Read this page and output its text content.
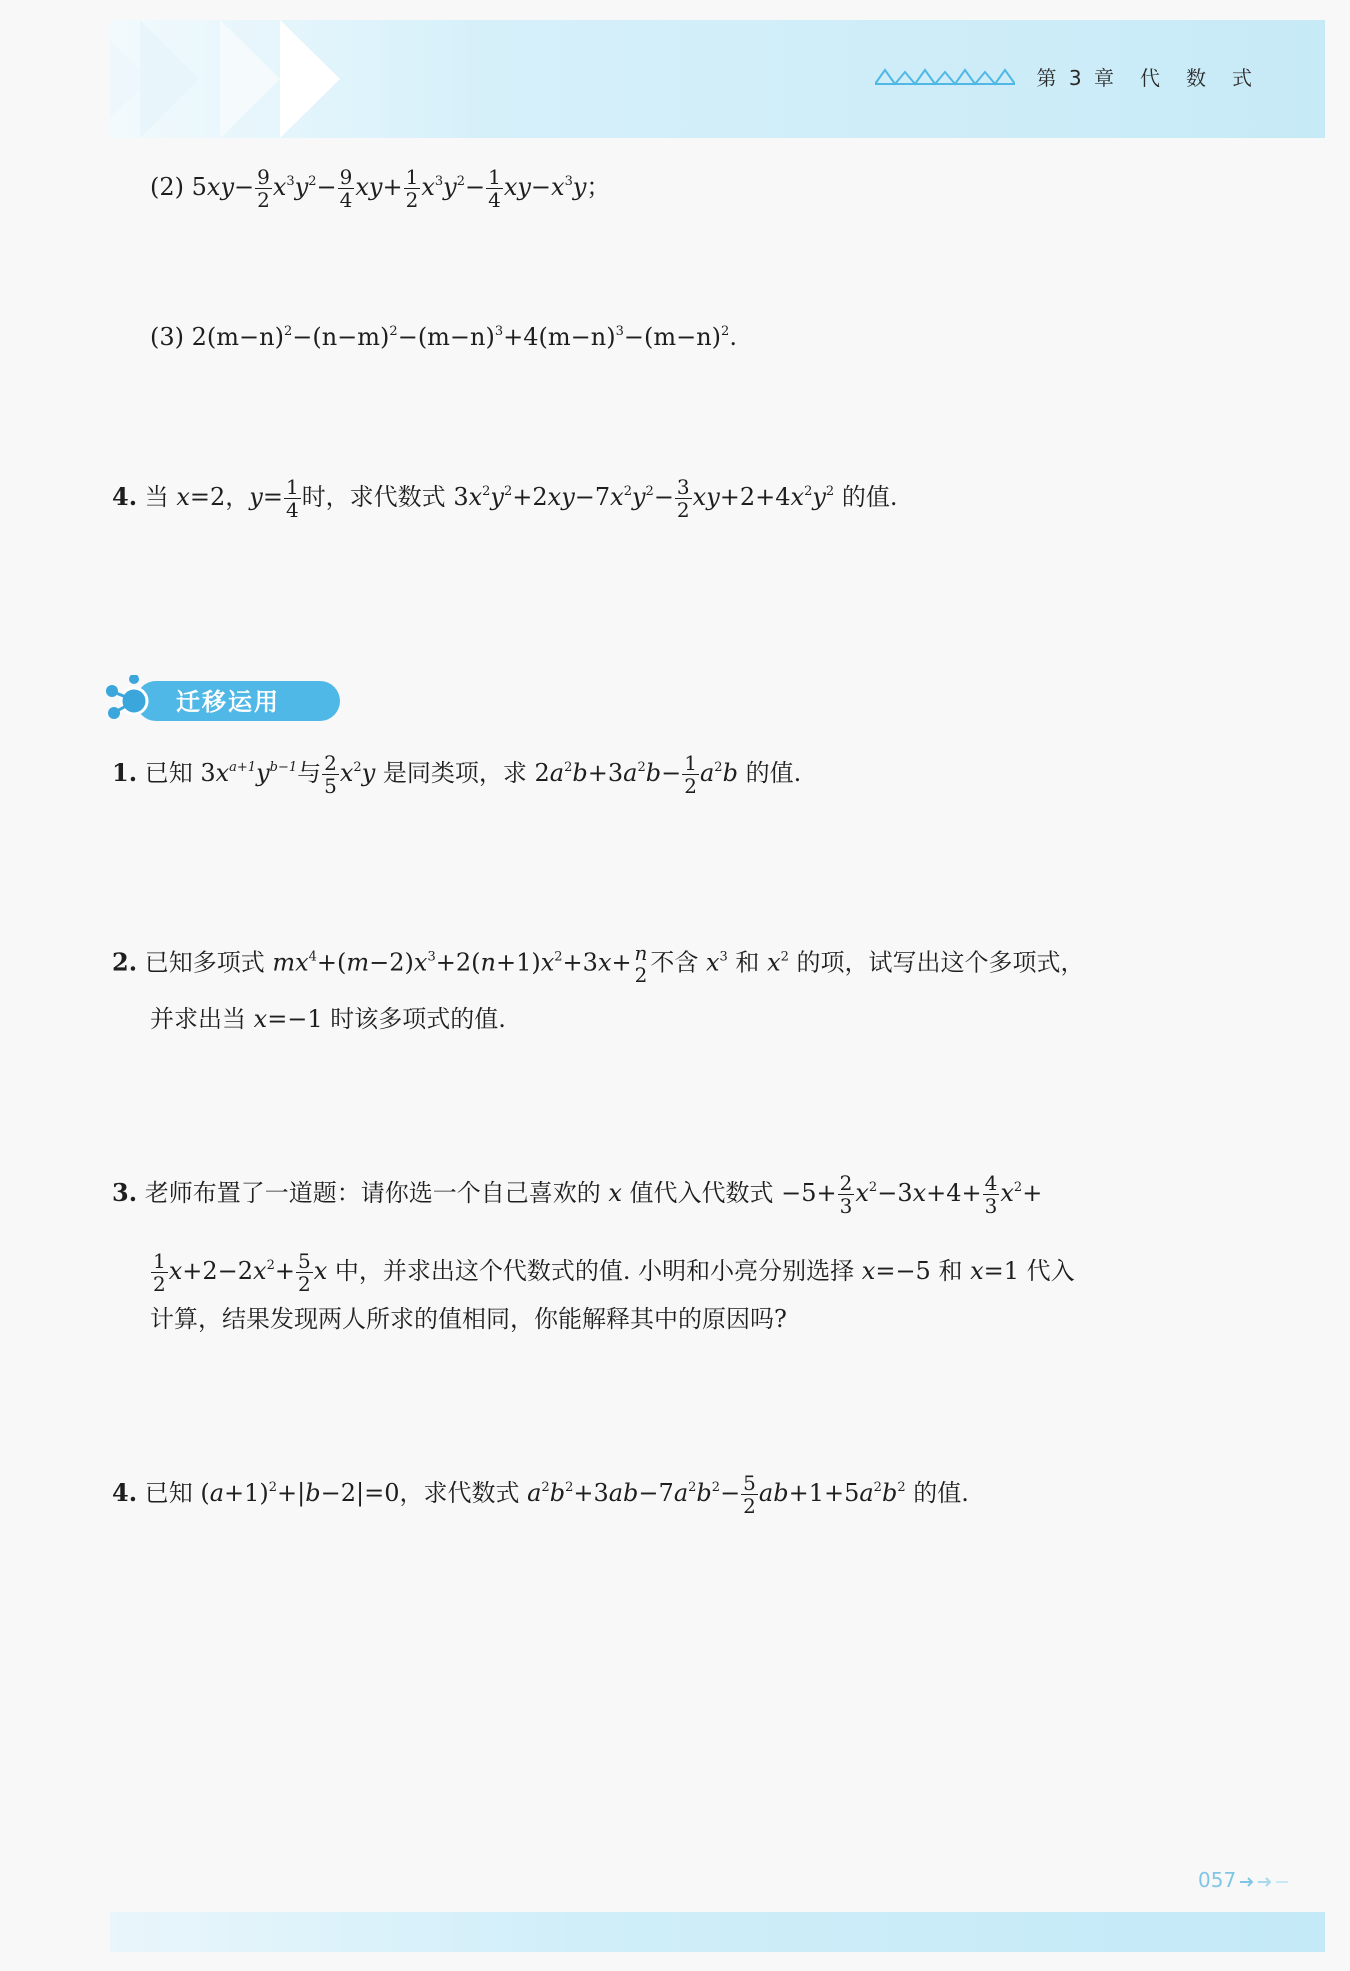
第 3 章　代　数　式
(2) $5xy- \frac{9}{2} x^3y^2- \frac{9}{4} xy+ \frac{1}{2} x^3y^2- \frac{1}{4} xy-x^3y$；
(3) $2(m-n)^2-(n-m)^2-(m-n)^3+4(m-n)^3-(m-n)^2$.
4. 当 x=2，$y= \frac{1}{4}$ 时，求代数式 $3x^2y^2+2xy-7x^2y^2- \frac{3}{2} xy+2+4x^2y^2$ 的值.
迁移运用
1. 已知 $3x^{a+1}y^{b-1}$与 $\frac{2}{5} x^2y$ 是同类项，求 $2a^2b+3a^2b- \frac{1}{2} a^2b$ 的值.
2. 已知多项式 $mx^4+(m-2)x^3+2(n+1)x^2+3x+ n$
2 不含 $x^3$ 和 $x^2$ 的项，试写出这个多项式，
并求出当 x=−1 时该多项式的值.
3. 老师布置了一道题：请你选一个自己喜欢的 x 值代入代数式 $-5+ \frac{2}{3} x^2-3x+4+ \frac{4}{3} x^2+$
$\frac{1}{2} x+2-2x^2+ \frac{5}{2}$ x 中，并求出这个代数式的值. 小明和小亮分别选择 x=−5 和 x=1 代入
计算，结果发现两人所求的值相同，你能解释其中的原因吗?
4. 已知 $(a+1)^2+|b-2|=0$，求代数式 $a^2b^2+3ab-7a^2b^2- \frac{5}{2} ab+1+5a^2b^2$ 的值.
057
